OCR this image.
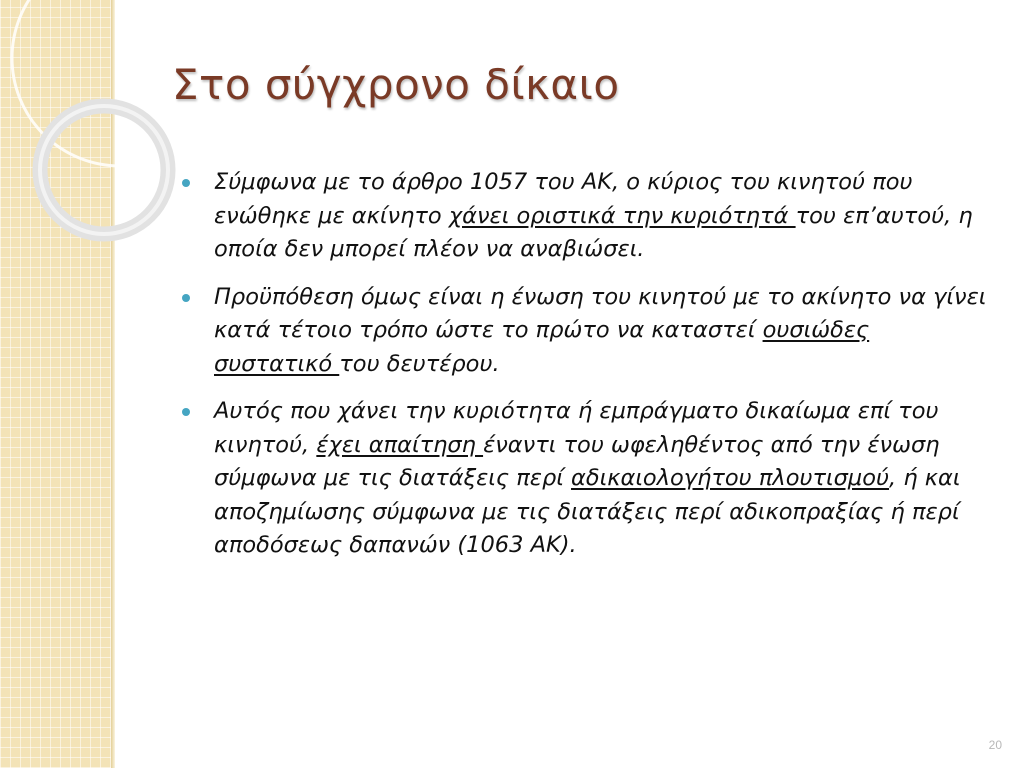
Στο σύγχρονο δίκαιο
Σύμφωνα με το άρθρο 1057 του ΑΚ, ο κύριος του κινητού που ενώθηκε με ακίνητο χάνει οριστικά την κυριότητά του επ’αυτού, η οποία δεν μπορεί πλέον να αναβιώσει.
Προϋπόθεση όμως είναι η ένωση του κινητού με το ακίνητο να γίνει κατά τέτοιο τρόπο ώστε το πρώτο να καταστεί ουσιώδες συστατικό του δευτέρου.
Αυτός που χάνει την κυριότητα ή εμπράγματο δικαίωμα επί του κινητού, έχει απαίτηση έναντι του ωφεληθέντος από την ένωση σύμφωνα με τις διατάξεις περί αδικαιολογήτου πλουτισμού, ή και αποζημίωσης σύμφωνα με τις διατάξεις περί αδικοπραξίας ή περί αποδόσεως δαπανών (1063 ΑΚ).
20
